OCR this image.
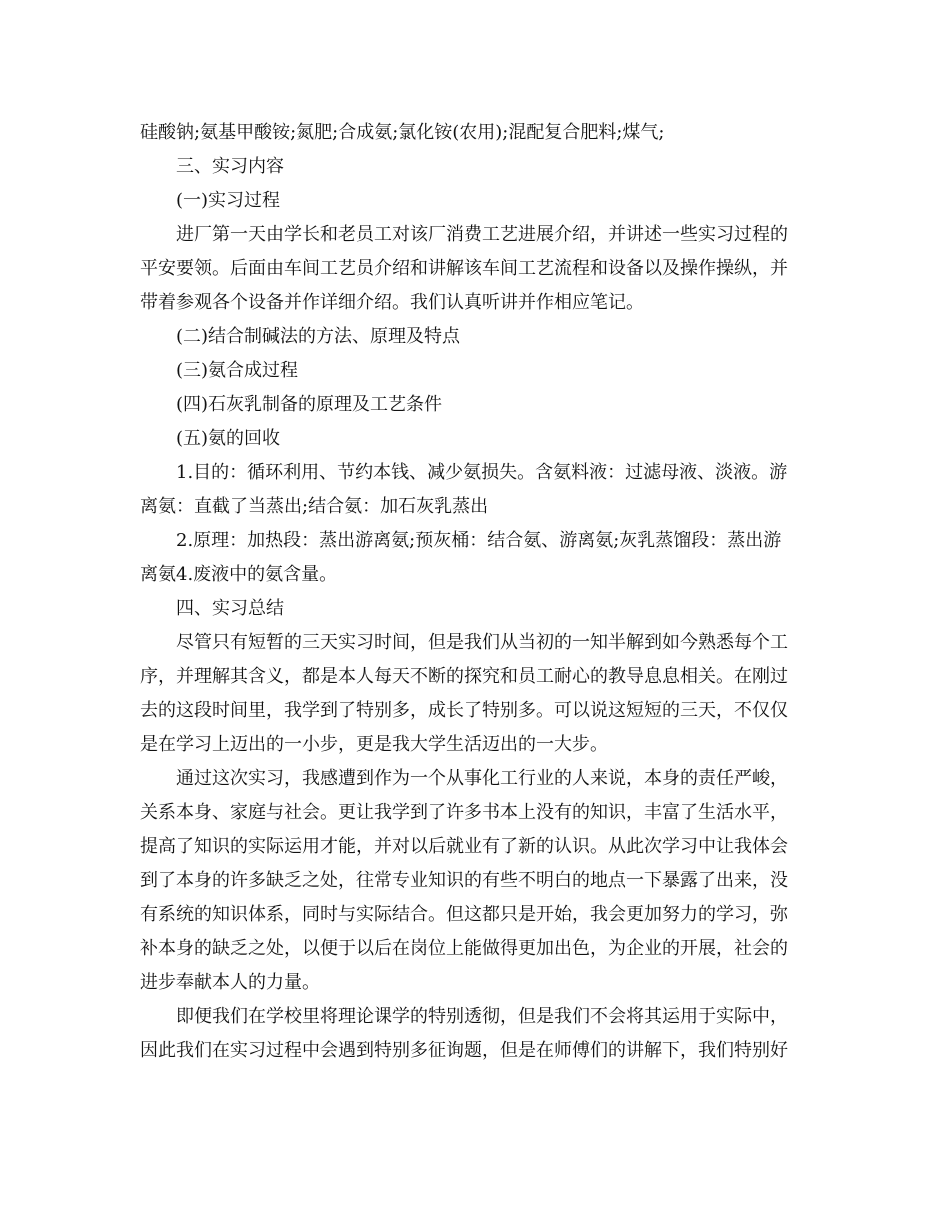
硅酸钠;氨基甲酸铵;氮肥;合成氨;氯化铵(农用);混配复合肥料;煤气;
三、实习内容
(一)实习过程
进厂第一天由学长和老员工对该厂消费工艺进展介绍，并讲述一些实习过程的
平安要领。后面由车间工艺员介绍和讲解该车间工艺流程和设备以及操作操纵，并
带着参观各个设备并作详细介绍。我们认真听讲并作相应笔记。
(二)结合制碱法的方法、原理及特点
(三)氨合成过程
(四)石灰乳制备的原理及工艺条件
(五)氨的回收
1.目的：循环利用、节约本钱、减少氨损失。含氨料液：过滤母液、淡液。游
离氨：直截了当蒸出;结合氨：加石灰乳蒸出
2.原理：加热段：蒸出游离氨;预灰桶：结合氨、游离氨;灰乳蒸馏段：蒸出游
离氨4.废液中的氨含量。
四、实习总结
尽管只有短暂的三天实习时间，但是我们从当初的一知半解到如今熟悉每个工
序，并理解其含义，都是本人每天不断的探究和员工耐心的教导息息相关。在刚过
去的这段时间里，我学到了特别多，成长了特别多。可以说这短短的三天，不仅仅
是在学习上迈出的一小步，更是我大学生活迈出的一大步。
通过这次实习，我感遭到作为一个从事化工行业的人来说，本身的责任严峻，
关系本身、家庭与社会。更让我学到了许多书本上没有的知识，丰富了生活水平，
提高了知识的实际运用才能，并对以后就业有了新的认识。从此次学习中让我体会
到了本身的许多缺乏之处，往常专业知识的有些不明白的地点一下暴露了出来，没
有系统的知识体系，同时与实际结合。但这都只是开始，我会更加努力的学习，弥
补本身的缺乏之处，以便于以后在岗位上能做得更加出色，为企业的开展，社会的
进步奉献本人的力量。
即便我们在学校里将理论课学的特别透彻，但是我们不会将其运用于实际中，
因此我们在实习过程中会遇到特别多征询题，但是在师傅们的讲解下，我们特别好
